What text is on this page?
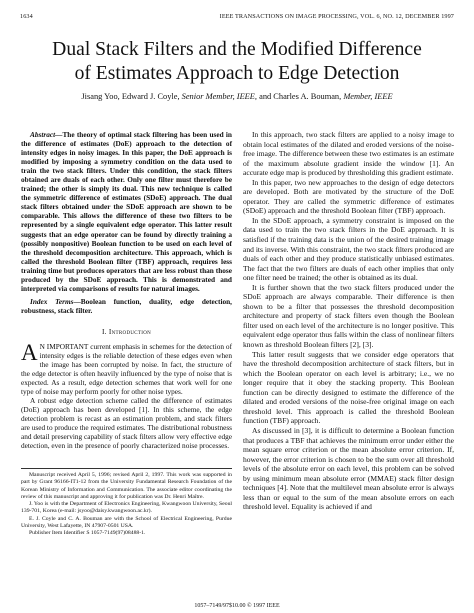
1634	IEEE TRANSACTIONS ON IMAGE PROCESSING, VOL. 6, NO. 12, DECEMBER 1997
Dual Stack Filters and the Modified Difference
of Estimates Approach to Edge Detection
Jisang Yoo, Edward J. Coyle, Senior Member, IEEE, and Charles A. Bouman, Member, IEEE

Abstract—The theory of optimal stack filtering has been used in the difference of estimates (DoE) approach to the detection of intensity edges in noisy images. In this paper, the DoE approach is modified by imposing a symmetry condition on the data used to train the two stack filters. Under this condition, the stack filters obtained are duals of each other. Only one filter must therefore be trained; the other is simply its dual. This new technique is called the symmetric difference of estimates (SDoE) approach. The dual stack filters obtained under the SDoE approach are shown to be comparable. This allows the difference of these two filters to be represented by a single equivalent edge operator. This latter result suggests that an edge operator can be found by directly training a (possibly nonpositive) Boolean function to be used on each level of the threshold decomposition architecture. This approach, which is called the threshold Boolean filter (TBF) approach, requires less training time but produces operators that are less robust than those produced by the SDoE approach. This is demonstrated and interpreted via comparisons of results for natural images.

Index Terms—Boolean function, duality, edge detection, robustness, stack filter.

I. Introduction

A N IMPORTANT current emphasis in schemes for the detection of intensity edges is the reliable detection of these edges even when the image has been corrupted by noise. In fact, the structure of the edge detector is often heavily influenced by the type of noise that is expected. As a result, edge detection schemes that work well for one type of noise may perform poorly for other noise types.

A robust edge detection scheme called the difference of estimates (DoE) approach has been developed [1]. In this scheme, the edge detection problem is recast as an estimation problem, and stack filters are used to produce the required estimates. The distributional robustness and detail preserving capability of stack filters allow very effective edge detection, even in the presence of poorly characterized noise processes.

Manuscript received April 5, 1996; revised April 2, 1997. This work was supported in part by Grant 96166-IT1-12 from the University Fundamental Research Foundation of the Korean Ministry of Information and Communication. The associate editor coordinating the review of this manuscript and approving it for publication was Dr. Henri Maître.

J. Yoo is with the Department of Electronics Engineering, Kwangwoon University, Seoul 139-701, Korea (e-mail: jsyoo@daisy.kwangwoon.ac.kr).

E. J. Coyle and C. A. Bouman are with the School of Electrical Engineering, Purdue University, West Lafayette, IN 47907-0501 USA.

Publisher Item Identifier S 1057-7149(97)08488-1.

In this approach, two stack filters are applied to a noisy image to obtain local estimates of the dilated and eroded versions of the noise-free image. The difference between these two estimates is an estimate of the maximum absolute gradient inside the window [1]. An accurate edge map is produced by thresholding this gradient estimate.

In this paper, two new approaches to the design of edge detectors are developed. Both are motivated by the structure of the DoE operator. They are called the symmetric difference of estimates (SDoE) approach and the threshold Boolean filter (TBF) approach.

In the SDoE approach, a symmetry constraint is imposed on the data used to train the two stack filters in the DoE approach. It is satisfied if the training data is the union of the desired training image and its inverse. With this constraint, the two stack filters produced are duals of each other and they produce statistically unbiased estimates. The fact that the two filters are duals of each other implies that only one filter need be trained; the other is obtained as its dual.

It is further shown that the two stack filters produced under the SDoE approach are always comparable. Their difference is then shown to be a filter that possesses the threshold decomposition architecture and property of stack filters even though the Boolean filter used on each level of the architecture is no longer positive. This equivalent edge operator thus falls within the class of nonlinear filters known as threshold Boolean filters [2], [3].

This latter result suggests that we consider edge operators that have the threshold decomposition architecture of stack filters, but in which the Boolean operator on each level is arbitrary; i.e., we no longer require that it obey the stacking property. This Boolean function can be directly designed to estimate the difference of the dilated and eroded versions of the noise-free original image on each threshold level. This approach is called the threshold Boolean function (TBF) approach.

As discussed in [3], it is difficult to determine a Boolean function that produces a TBF that achieves the minimum error under either the mean square error criterion or the mean absolute error criterion. If, however, the error criterion is chosen to be the sum over all threshold levels of the absolute error on each level, this problem can be solved by using minimum mean absolute error (MMAE) stack filter design techniques [4]. Note that the multilevel mean absolute error is always less than or equal to the sum of the mean absolute errors on each threshold level. Equality is achieved if and

1057–7149/97$10.00 © 1997 IEEE
